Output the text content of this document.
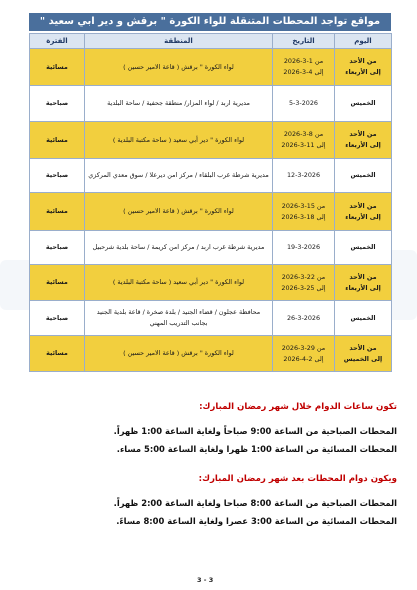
مواقع تواجد المحطات المتنقلة للواء الكورة " برقش و دير ابي سعيد "
اليوم	التاريخ	المنطقة	الفترة

من الأحد
إلى الأربعاء	من 1-3-2026
إلى 4-3-2026	لواء الكورة " برقش ( قاعة الامير حسين )	مسائية

الخميس	5-3-2026	مديرية اربد / لواء المزار/ منطقة جحفية / ساحة البلدية	صباحية

من الأحد
إلى الأربعاء	من 8-3-2026
إلى 11-3-2026	لواء الكورة " دير أبي سعيد ( ساحة مكتبة البلدية )	مسائية

الخميس	12-3-2026	مديرية شرطة غرب البلقاء / مركز امن ديرعلا / سوق معدي المركزي	صباحية

من الأحد
إلى الأربعاء	من 15-3-2026
إلى 18-3-2026	لواء الكورة " برقش ( قاعة الامير حسين )	مسائية

الخميس	19-3-2026	مديرية شرطة غرب اربد / مركز امن كريمة / ساحة بلدية شرحبيل	صباحية

من الأحد
إلى الأربعاء	من 22-3-2026
إلى 25-3-2026	لواء الكورة " دير أبي سعيد ( ساحة مكتبة البلدية )	مسائية

الخميس	26-3-2026	محافظة عجلون / قضاء الجنيد / بلدة صخرة / قاعة بلدية الجنيد
بجانب التدريب المهني	صباحية

من الأحد
إلى الخميس	من 29-3-2026
إلى 2-4-2026	لواء الكورة " برقش ( قاعة الامير حسين )	مسائية
تكون ساعات الدوام خلال شهر رمضان المبارك:
المحطات الصباحية من الساعة 9:00 صباحاً ولغاية الساعة 1:00 ظهراً.
المحطات المسائية من الساعة 1:00 ظهرا ولغاية الساعة 5:00 مساء.
ويكون دوام المحطات بعد شهر رمضان المبارك:
المحطات الصباحية من الساعة 8:00 صباحا ولغاية الساعة 2:00 ظهراً.
المحطات المسائية من الساعة 3:00 عصرا ولغاية الساعة 8:00 مساءً.
3 - 3
